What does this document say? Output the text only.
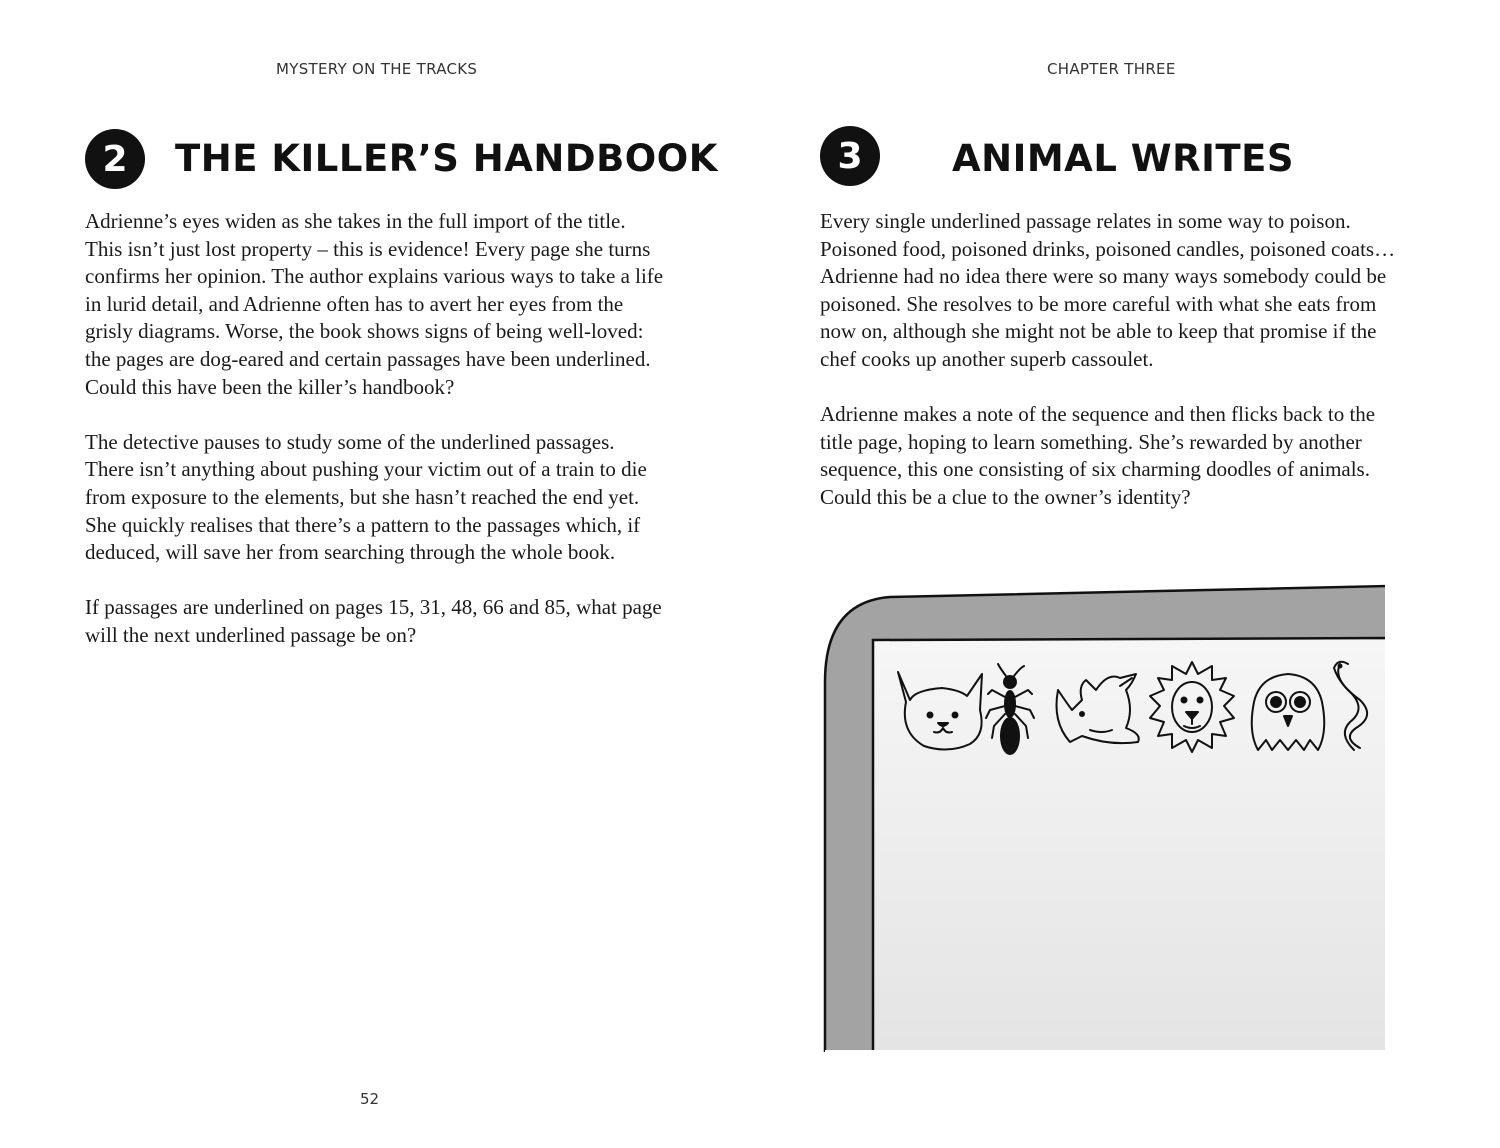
MYSTERY ON THE TRACKS
2	THE KILLER’S HANDBOOK

Adrienne’s eyes widen as she takes in the full import of the title. This isn’t just lost property – this is evidence! Every page she turns confirms her opinion. The author explains various ways to take a life in lurid detail, and Adrienne often has to avert her eyes from the grisly diagrams. Worse, the book shows signs of being well-loved: the pages are dog-eared and certain passages have been underlined. Could this have been the killer’s handbook?

The detective pauses to study some of the underlined passages. There isn’t anything about pushing your victim out of a train to die from exposure to the elements, but she hasn’t reached the end yet. She quickly realises that there’s a pattern to the passages which, if deduced, will save her from searching through the whole book.

If passages are underlined on pages 15, 31, 48, 66 and 85, what page will the next underlined passage be on?

52
CHAPTER THREE
3	ANIMAL WRITES

Every single underlined passage relates in some way to poison. Poisoned food, poisoned drinks, poisoned candles, poisoned coats… Adrienne had no idea there were so many ways somebody could be poisoned. She resolves to be more careful with what she eats from now on, although she might not be able to keep that promise if the chef cooks up another superb cassoulet.

Adrienne makes a note of the sequence and then flicks back to the title page, hoping to learn something. She’s rewarded by another sequence, this one consisting of six charming doodles of animals. Could this be a clue to the owner’s identity?
